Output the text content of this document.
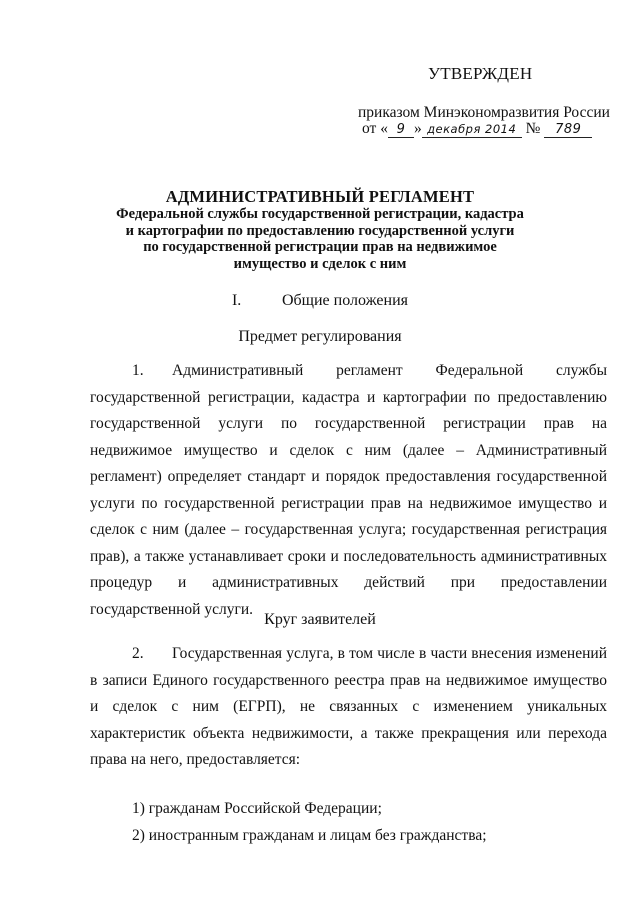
УТВЕРЖДЕН
приказом Минэкономразвития России
от « 9 » декабря 2014 № 789
АДМИНИСТРАТИВНЫЙ РЕГЛАМЕНТ
Федеральной службы государственной регистрации, кадастра
и картографии по предоставлению государственной услуги
по государственной регистрации прав на недвижимое
имущество и сделок с ним
I.	Общие положения
Предмет регулирования
1. Административный регламент Федеральной службы государственной регистрации, кадастра и картографии по предоставлению государственной услуги по государственной регистрации прав на недвижимое имущество и сделок с ним (далее – Административный регламент) определяет стандарт и порядок предоставления государственной услуги по государственной регистрации прав на недвижимое имущество и сделок с ним (далее – государственная услуга; государственная регистрация прав), а также устанавливает сроки и последовательность административных процедур и административных действий при предоставлении государственной услуги.
Круг заявителей
2. Государственная услуга, в том числе в части внесения изменений в записи Единого государственного реестра прав на недвижимое имущество и сделок с ним (ЕГРП), не связанных с изменением уникальных характеристик объекта недвижимости, а также прекращения или перехода права на него, предоставляется:
1) гражданам Российской Федерации;
2) иностранным гражданам и лицам без гражданства;
